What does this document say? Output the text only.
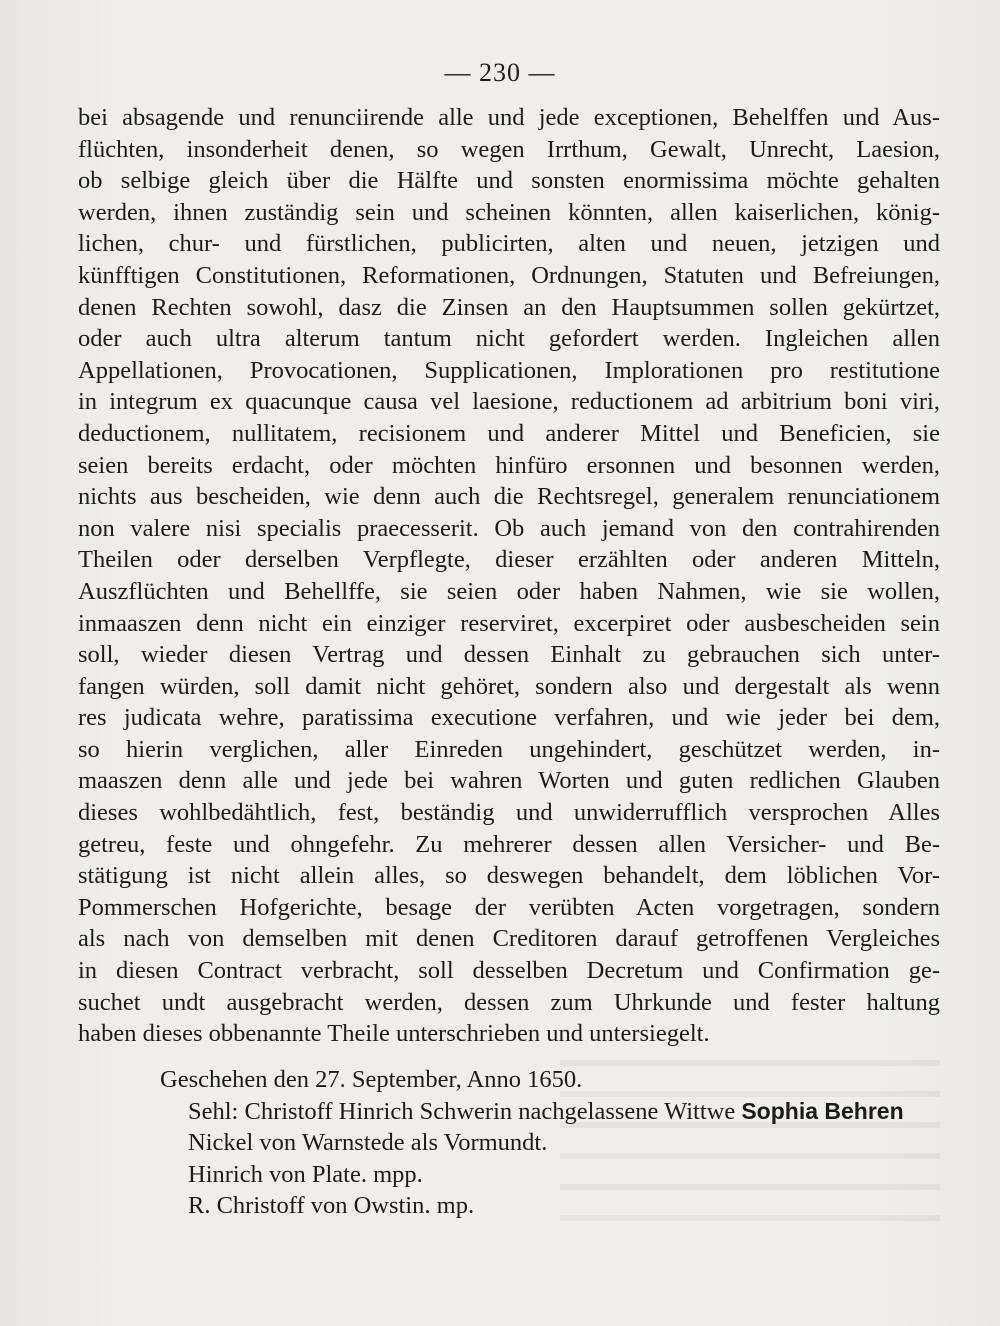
— 230 —
bei absagende und renunciirende alle und jede exceptionen, Behelffen und Aus-
flüchten, insonderheit denen, so wegen Irrthum, Gewalt, Unrecht, Laesion,
ob selbige gleich über die Hälfte und sonsten enormissima möchte gehalten
werden, ihnen zuständig sein und scheinen könnten, allen kaiserlichen, könig-
lichen, chur- und fürstlichen, publicirten, alten und neuen, jetzigen und
künfftigen Constitutionen, Reformationen, Ordnungen, Statuten und Befreiungen,
denen Rechten sowohl, dasz die Zinsen an den Hauptsummen sollen gekürtzet,
oder auch ultra alterum tantum nicht gefordert werden. Ingleichen allen
Appellationen, Provocationen, Supplicationen, Implorationen pro restitutione
in integrum ex quacunque causa vel laesione, reductionem ad arbitrium boni viri,
deductionem, nullitatem, recisionem und anderer Mittel und Beneficien, sie
seien bereits erdacht, oder möchten hinfüro ersonnen und besonnen werden,
nichts aus bescheiden, wie denn auch die Rechtsregel, generalem renunciationem
non valere nisi specialis praecesserit. Ob auch jemand von den contrahirenden
Theilen oder derselben Verpflegte, dieser erzählten oder anderen Mitteln,
Auszflüchten und Behellffe, sie seien oder haben Nahmen, wie sie wollen,
inmaaszen denn nicht ein einziger reserviret, excerpiret oder ausbescheiden sein
soll, wieder diesen Vertrag und dessen Einhalt zu gebrauchen sich unter-
fangen würden, soll damit nicht gehöret, sondern also und dergestalt als wenn
res judicata wehre, paratissima executione verfahren, und wie jeder bei dem,
so hierin verglichen, aller Einreden ungehindert, geschützet werden, in-
maaszen denn alle und jede bei wahren Worten und guten redlichen Glauben
dieses wohlbedähtlich, fest, beständig und unwiderrufflich versprochen Alles
getreu, feste und ohngefehr. Zu mehrerer dessen allen Versicher- und Be-
stätigung ist nicht allein alles, so deswegen behandelt, dem löblichen Vor-
Pommerschen Hofgerichte, besage der verübten Acten vorgetragen, sondern
als nach von demselben mit denen Creditoren darauf getroffenen Vergleiches
in diesen Contract verbracht, soll desselben Decretum und Confirmation ge-
suchet undt ausgebracht werden, dessen zum Uhrkunde und fester haltung
haben dieses obbenannte Theile unterschrieben und untersiegelt.
Geschehen den 27. September, Anno 1650.
Sehl: Christoff Hinrich Schwerin nachgelassene Wittwe Sophia Behren
Nickel von Warnstede als Vormundt.
Hinrich von Plate. mpp.
R. Christoff von Owstin. mp.
